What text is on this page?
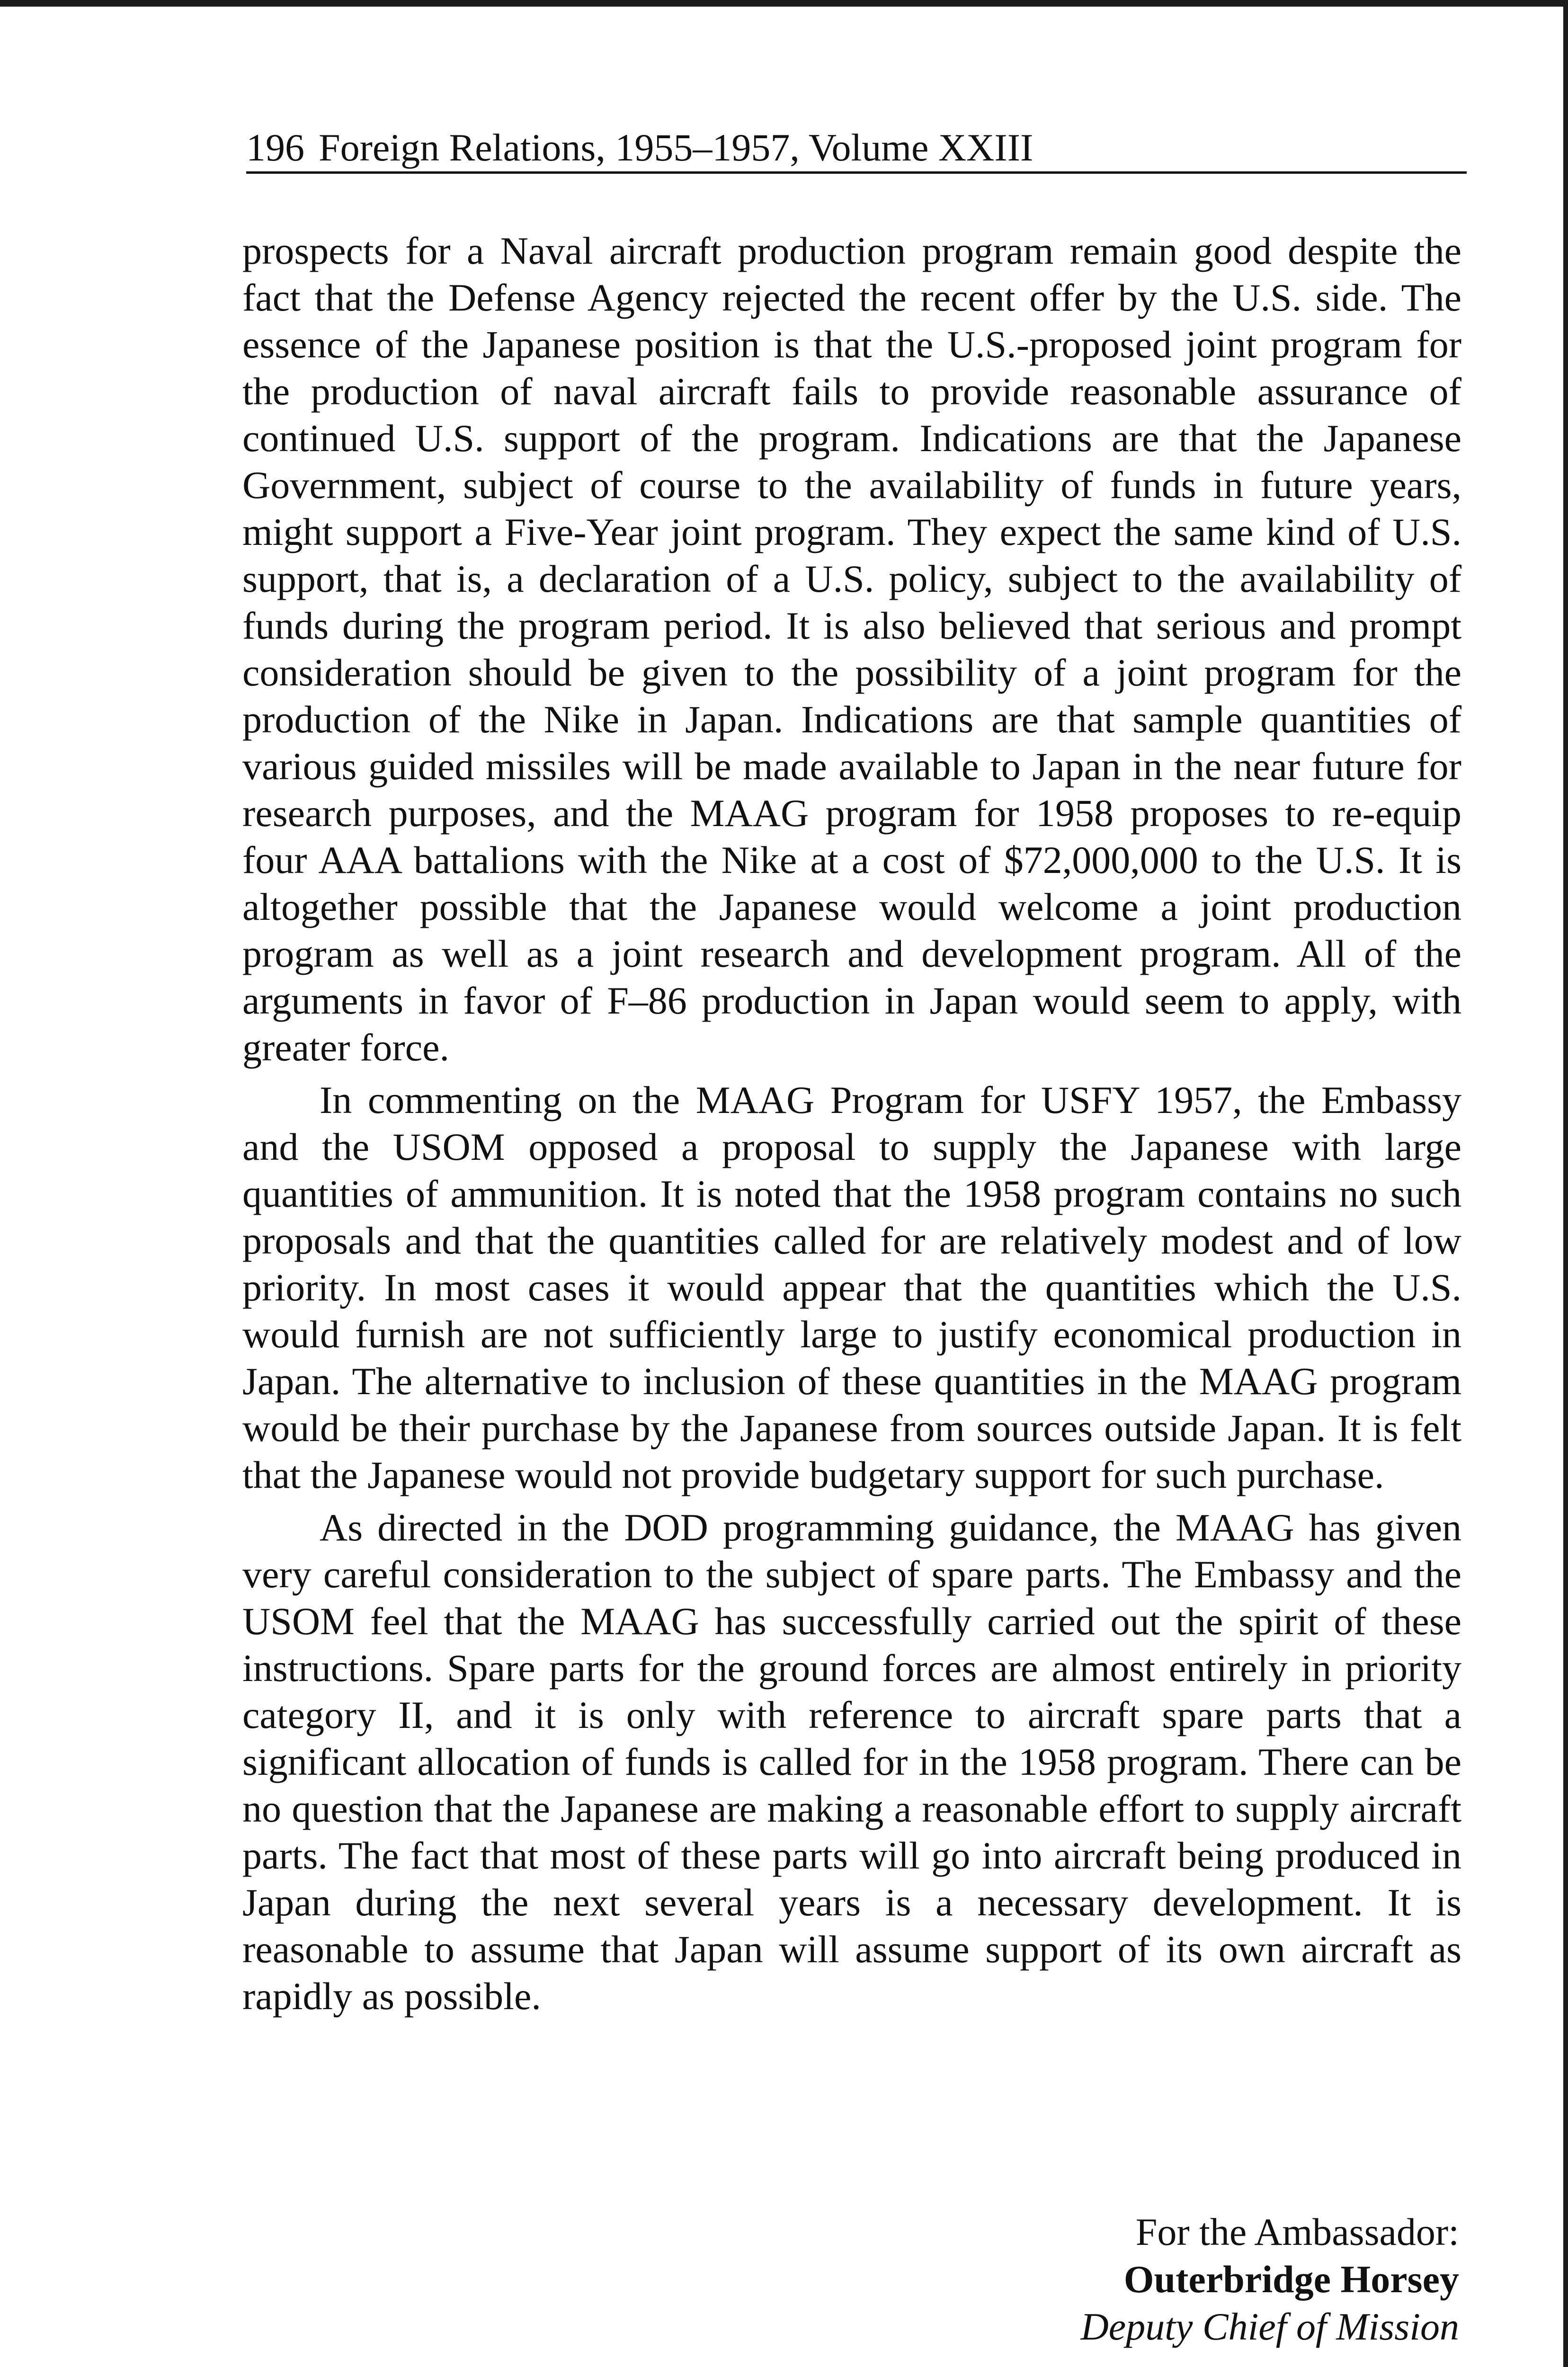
196 Foreign Relations, 1955–1957, Volume XXIII

prospects for a Naval aircraft production program remain good despite the fact that the Defense Agency rejected the recent offer by the U.S. side. The essence of the Japanese position is that the U.S.-proposed joint program for the production of naval aircraft fails to provide reasonable assurance of continued U.S. support of the program. Indications are that the Japanese Government, subject of course to the availability of funds in future years, might support a Five-Year joint program. They expect the same kind of U.S. support, that is, a declaration of a U.S. policy, subject to the availability of funds during the program period. It is also believed that serious and prompt consideration should be given to the possibility of a joint program for the production of the Nike in Japan. Indications are that sample quantities of various guided missiles will be made available to Japan in the near future for research purposes, and the MAAG program for 1958 proposes to re-equip four AAA battalions with the Nike at a cost of $72,000,000 to the U.S. It is altogether possible that the Japanese would welcome a joint production program as well as a joint research and development program. All of the arguments in favor of F–86 production in Japan would seem to apply, with greater force.

In commenting on the MAAG Program for USFY 1957, the Embassy and the USOM opposed a proposal to supply the Japanese with large quantities of ammunition. It is noted that the 1958 program contains no such proposals and that the quantities called for are relatively modest and of low priority. In most cases it would appear that the quantities which the U.S. would furnish are not sufficiently large to justify economical production in Japan. The alternative to inclusion of these quantities in the MAAG program would be their purchase by the Japanese from sources outside Japan. It is felt that the Japanese would not provide budgetary support for such purchase.

As directed in the DOD programming guidance, the MAAG has given very careful consideration to the subject of spare parts. The Embassy and the USOM feel that the MAAG has successfully carried out the spirit of these instructions. Spare parts for the ground forces are almost entirely in priority category II, and it is only with reference to aircraft spare parts that a significant allocation of funds is called for in the 1958 program. There can be no question that the Japanese are making a reasonable effort to supply aircraft parts. The fact that most of these parts will go into aircraft being produced in Japan during the next several years is a necessary development. It is reasonable to assume that Japan will assume support of its own aircraft as rapidly as possible.

For the Ambassador:
Outerbridge Horsey
Deputy Chief of Mission
